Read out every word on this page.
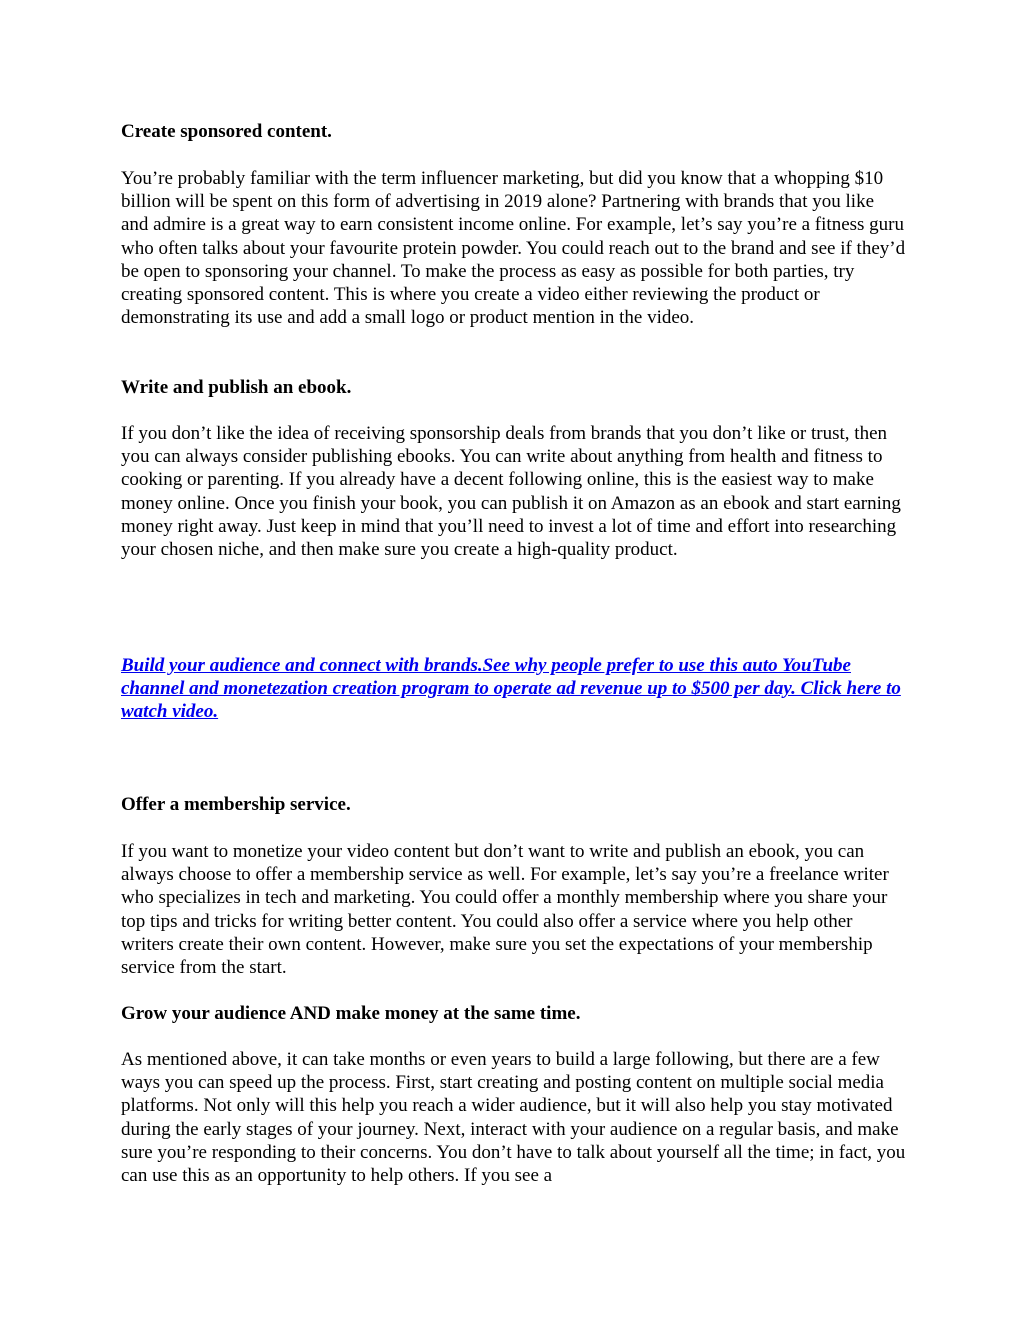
Create sponsored content.

You’re probably familiar with the term influencer marketing, but did you know that a whopping $10 billion will be spent on this form of advertising in 2019 alone? Partnering with brands that you like and admire is a great way to earn consistent income online. For example, let’s say you’re a fitness guru who often talks about your favourite protein powder. You could reach out to the brand and see if they’d be open to sponsoring your channel. To make the process as easy as possible for both parties, try creating sponsored content. This is where you create a video either reviewing the product or demonstrating its use and add a small logo or product mention in the video.

Write and publish an ebook.

If you don’t like the idea of receiving sponsorship deals from brands that you don’t like or trust, then you can always consider publishing ebooks. You can write about anything from health and fitness to cooking or parenting. If you already have a decent following online, this is the easiest way to make money online. Once you finish your book, you can publish it on Amazon as an ebook and start earning money right away. Just keep in mind that you’ll need to invest a lot of time and effort into researching your chosen niche, and then make sure you create a high-quality product.

Build your audience and connect with brands.See why people prefer to use this auto YouTube channel and monetezation creation program to operate ad revenue up to $500 per day. Click here to watch video.

Offer a membership service.

If you want to monetize your video content but don’t want to write and publish an ebook, you can always choose to offer a membership service as well. For example, let’s say you’re a freelance writer who specializes in tech and marketing. You could offer a monthly membership where you share your top tips and tricks for writing better content. You could also offer a service where you help other writers create their own content. However, make sure you set the expectations of your membership service from the start.

Grow your audience AND make money at the same time.

As mentioned above, it can take months or even years to build a large following, but there are a few ways you can speed up the process. First, start creating and posting content on multiple social media platforms. Not only will this help you reach a wider audience, but it will also help you stay motivated during the early stages of your journey. Next, interact with your audience on a regular basis, and make sure you’re responding to their concerns. You don’t have to talk about yourself all the time; in fact, you can use this as an opportunity to help others. If you see a
